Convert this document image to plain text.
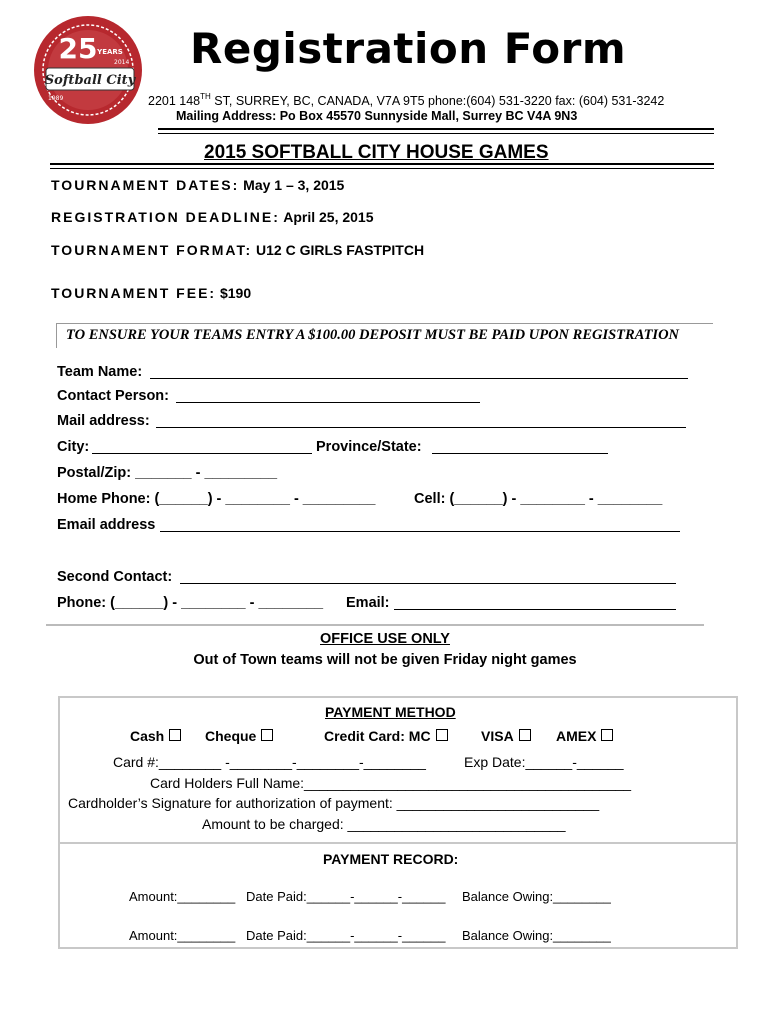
25 YEARS
Softball City
1989
2014 Registration Form
2201 148TH ST, SURREY, BC, CANADA, V7A 9T5 phone:(604) 531-3220 fax: (604) 531-3242
Mailing Address: Po Box 45570 Sunnyside Mall, Surrey BC V4A 9N3
2015 SOFTBALL CITY HOUSE GAMES
TOURNAMENT DATES: May 1 – 3, 2015
REGISTRATION DEADLINE: April 25, 2015
TOURNAMENT FORMAT: U12 C GIRLS FASTPITCH
TOURNAMENT FEE: $190
TO ENSURE YOUR TEAMS ENTRY A $100.00 DEPOSIT MUST BE PAID UPON REGISTRATION
Team Name:
Contact Person:
Mail address:
City:	Province/State:
Postal/Zip: _______ - _________
Home Phone: (______) - ________ - _________	Cell: (______) - ________ - ________
Email address
Second Contact:
Phone: (______) - ________ - ________ Email:
OFFICE USE ONLY
Out of Town teams will not be given Friday night games
PAYMENT METHOD
Cash	Cheque	Credit Card: MC	VISA	AMEX
Card #:________ -________-________-________	Exp Date:______-______
Card Holders Full Name:__________________________________________
Cardholder’s Signature for authorization of payment: __________________________
Amount to be charged: ____________________________
PAYMENT RECORD:
Amount:________ Date Paid:______-______-______ Balance Owing:________
Amount:________ Date Paid:______-______-______ Balance Owing:________
